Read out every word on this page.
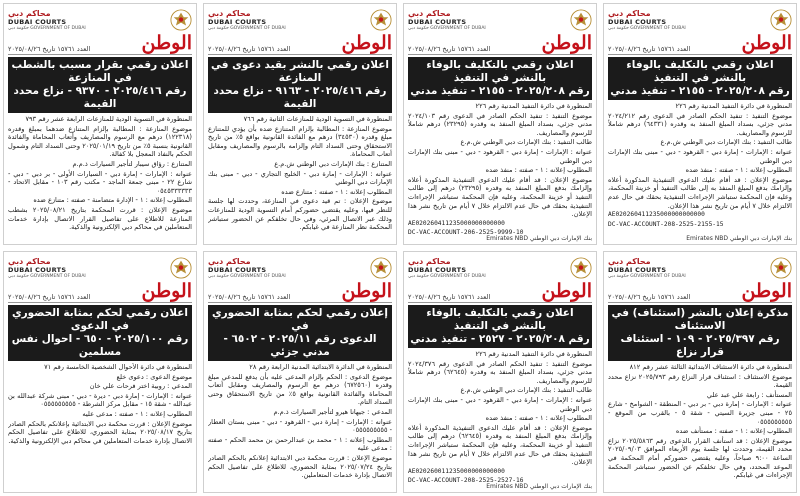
محاكم دبي
DUBAI COURTS
حكومة دبي GOVERNMENT OF DUBAI
العدد ١٥٧٦١ تاريخ ٢٠٢٥/٠٨/٢٦	الوطن
اعلان رقمي بقرار مسبب بالشطب في المنازعة
رقم ٢٠٢٥/٤١٦ - ٩٣٧٠ - نزاع محدد القيمة

المنظورة في التسوية الودية للمنازعات الرابعة عشر رقم ٧٩٣

موضوع المنازعة : المطالبة بإلزام المتنازع ضدهما بمبلغ وقدره (١٢٢٣١٨) درهم مع الرسوم والمصاريف وأتعاب المحاماة والفائدة القانونية بنسبة ٥٪ من تاريخ ٢٠٢٥/٠١/١٩ وحتى السداد التام وشمول الحكم بالنفاذ المعجل بلا كفالة.

المتنازع : رؤاق سيبار لتأجير السيارات ذ.م.م

عنوانه : الإمارات - إمارة دبي - السيارات الأولى - بر دبي - دبي - شارع ٢٢ - مبنى جمعة الماجد - مكتب رقم ١٠٣ - مقابل الاتحاد - ٠٥٤٥٣٣٣٣٣٣

المطلوب إعلانه : ١ - الإدارة متضامنة - صفته : متنازع ضده

موضوع الإعلان : قررت المحكمة بتاريخ ٢٠٢٥/٠٨/٢١ بشطب المنازعة للاطلاع على تفاصيل القرار الاتصال بإدارة خدمات المتعاملين في محاكم دبي الإلكترونية والذكية.

محاكم دبي
DUBAI COURTS
حكومة دبي GOVERNMENT OF DUBAI
العدد ١٥٧٦١ تاريخ ٢٠٢٥/٠٨/٢٦	الوطن
اعلان رقمي بالنشر بقيد دعوى في المنازعة
رقم ٢٠٢٥/٤١٦ - ٩١٦٣ - نزاع محدد القيمة

المنظورة في التسوية الودية للمنازعات الثانية رقم ٧٦٦

موضوع المنازعة : المطالبة بإلزام المتنازع ضده بأن يؤدي للمتنازع مبلغ وقدره (٣٤٥٣٠) درهم مع الفائدة القانونية بواقع ٥٪ من تاريخ الاستحقاق وحتى السداد التام وإلزامه بالرسوم والمصاريف ومقابل أتعاب المحاماة.

المتنازع : بنك الإمارات دبي الوطني ش.م.ع

عنوانه : الإمارات - إمارة دبي - الخليج التجاري - دبي - مبنى بنك الإمارات دبي الوطني

المطلوب إعلانه : ١ - صفته : متنازع ضده

موضوع الإعلان : تم قيد دعوى في المنازعة، وحددت لها جلسة للنظر فيها، وعليه يقتضي حضوركم أمام التسوية الودية للمنازعات وذلك عبر الاتصال المرئي، وفي حال تخلفكم عن الحضور ستباشر المحكمة نظر المنازعة في غيابكم.

محاكم دبي
DUBAI COURTS
حكومة دبي GOVERNMENT OF DUBAI
العدد ١٥٧٦١ تاريخ ٢٠٢٥/٠٨/٢٦	الوطن
اعلان رقمي بالتكليف بالوفاء بالنشر في التنفيذ
رقم ٢٠٢٥/٢٠٨ - ٢١٥٥ - تنفيذ مدني

المنظورة في دائرة التنفيذ المدنية رقم ٢٢٦

موضوع التنفيذ : تنفيذ الحكم الصادر في الدعوى رقم ٢٠٢٤/١٠٣ مدني جزئي، بسداد المبلغ المنفذ به وقدره (٢٣٢٩٥) درهم شاملاً للرسوم والمصاريف.

طالب التنفيذ : بنك الإمارات دبي الوطني ش.م.ع

عنوانه : الإمارات - إمارة دبي - القرهود - دبي - مبنى بنك الإمارات دبي الوطني

المطلوب إعلانه : ١ - صفته : منفذ ضده

موضوع الإعلان : قد أقام عليك الدعوى التنفيذية المذكورة أعلاه وإلزامك بدفع المبلغ المنفذ به وقدره (٢٣٢٩٥) درهم إلى طالب التنفيذ أو خزينة المحكمة، وعليه فإن المحكمة ستباشر الإجراءات التنفيذية بحقك في حال عدم الالتزام خلال ٧ أيام من تاريخ نشر هذا الإعلان.

AE020260411235000000000000

DC-VAC-ACCOUNT-206-2525-9999-10

بنك الإمارات دبي الوطني Emirates NBD
محاكم دبي
DUBAI COURTS
حكومة دبي GOVERNMENT OF DUBAI
العدد ١٥٧٦١ تاريخ ٢٠٢٥/٠٨/٢٦	الوطن
اعلان رقمي بالتكليف بالوفاء بالنشر في التنفيذ
رقم ٢٠٢٥/٢٠٨ - ٢١٥٥ - تنفيذ مدني

المنظورة في دائرة التنفيذ المدنية رقم ٢٢٦

موضوع التنفيذ : تنفيذ الحكم الصادر في الدعوى رقم ٢٠٢٤/٢١٢ مدني جزئي، بسداد المبلغ المنفذ به وقدره (٦٤٣٣١) درهم شاملاً للرسوم والمصاريف.

طالب التنفيذ : بنك الإمارات دبي الوطني ش.م.ع

عنوانه : الإمارات - إمارة دبي - القرهود - دبي - مبنى بنك الإمارات دبي الوطني

المطلوب إعلانه : ١ - صفته : منفذ ضده

موضوع الإعلان : قد أقام عليك الدعوى التنفيذية المذكورة أعلاه وإلزامك بدفع المبلغ المنفذ به إلى طالب التنفيذ أو خزينة المحكمة، وعليه فإن المحكمة ستباشر الإجراءات التنفيذية بحقك في حال عدم الالتزام خلال ٧ أيام من تاريخ نشر هذا الإعلان.

AE020260411235000000000000

DC-VAC-ACCOUNT-208-2525-2155-15

بنك الإمارات دبي الوطني Emirates NBD
محاكم دبي
DUBAI COURTS
حكومة دبي GOVERNMENT OF DUBAI
العدد ١٥٧٦١ تاريخ ٢٠٢٥/٠٨/٢٦	الوطن
اعلان رقمي لحكم بمثابة الحضوري في الدعوى
رقم ٢٠٢٥/١٠٠ - ٦٥٠ - احوال نفس مسلمين

المنظورة في دائرة الأحوال الشخصية الخامسة رقم ٧١

موضوع الدعوى : دعوى خلع

المدعي : روبية اختر فرحات علي خان

عنوانه : الإمارات - إمارة دبي - ديرة - دبي - مبنى شركة عبدالله بن عبدالله - شقة ١٥ - مقابل مركز الشرطة - ٠٥٥٥٥٥٥٥٥٥

المطلوب إعلانه : ١ - صفته : مدعى عليه

موضوع الإعلان : قررت محكمة دبي الابتدائية بإعلانكم بالحكم الصادر بتاريخ ٢٠٢٥/٠٨/١٧ بمثابة الحضوري، للاطلاع على تفاصيل الحكم الاتصال بإدارة خدمات المتعاملين في محاكم دبي الإلكترونية والذكية.

محاكم دبي
DUBAI COURTS
حكومة دبي GOVERNMENT OF DUBAI
العدد ١٥٧٦١ تاريخ ٢٠٢٥/٠٨/٢٦	الوطن
إعلان رقمي لحكم بمثابة الحضوري في
الدعوى رقم ٢٠٢٥/١١ - ٦٥٠٢ - مدني جزئي

المنظورة في الدائرة الابتدائية المدنية الرابعة رقم ٢٨

موضوع الدعوى : الحكم بإلزام المدعى عليه بأن يدفع للمدعي مبلغ وقدره (٦٧٢٥٦٠) درهم مع الرسوم والمصاريف ومقابل أتعاب المحاماة والفائدة القانونية بواقع ٥٪ من تاريخ الاستحقاق وحتى السداد التام.

المدعي : جيهانا هيرو لتأجير السيارات ذ.م.م

عنوانه : الإمارات - إمارة دبي - القرهود - دبي - مبنى بستان العطار - ٠٥٥٥٥٥٥٥٥٥

المطلوب إعلانه : ١ - محمد بن عبدالرحمن بن محمد الحكم - صفته : مدعى عليه

موضوع الإعلان : قررت محكمة دبي الابتدائية إعلانكم بالحكم الصادر بتاريخ ٢٠٢٥/٠٧/٢٤ بمثابة الحضوري، للاطلاع على تفاصيل الحكم الاتصال بإدارة خدمات المتعاملين.

محاكم دبي
DUBAI COURTS
حكومة دبي GOVERNMENT OF DUBAI
العدد ١٥٧٦١ تاريخ ٢٠٢٥/٠٨/٢٦	الوطن
اعلان رقمي بالتكليف بالوفاء بالنشر في التنفيذ
رقم ٢٠٢٥/٢٠٨ - ٢٥٢٧ - تنفيذ مدني

المنظورة في دائرة التنفيذ المدنية رقم ٢٢٦

موضوع التنفيذ : تنفيذ الحكم الصادر في الدعوى رقم ٢٠٢٤/٣٧٦ مدني جزئي، بسداد المبلغ المنفذ به وقدره (٦٢٦٤٥) درهم شاملاً للرسوم والمصاريف.

طالب التنفيذ : بنك الإمارات دبي الوطني ش.م.ع

عنوانه : الإمارات - إمارة دبي - القرهود - دبي - مبنى بنك الإمارات دبي الوطني

المطلوب إعلانه : ١ - صفته : منفذ ضده

موضوع الإعلان : قد أقام عليك الدعوى التنفيذية المذكورة أعلاه وإلزامك بدفع المبلغ المنفذ به وقدره (٦٢٦٤٥) درهم إلى طالب التنفيذ أو خزينة المحكمة، وعليه فإن المحكمة ستباشر الإجراءات التنفيذية بحقك في حال عدم الالتزام خلال ٧ أيام من تاريخ نشر هذا الإعلان.

AE020260011235000000000000

DC-VAC-ACCOUNT-208-2525-2527-16

بنك الإمارات دبي الوطني Emirates NBD
محاكم دبي
DUBAI COURTS
حكومة دبي GOVERNMENT OF DUBAI
العدد ١٥٧٦١ تاريخ ٢٠٢٥/٠٨/٢٦	الوطن
مذكرة إعلان بالنشر (استئناف) في الاستئناف
رقم ٢٠٢٥/٣٩٧ - ١٠٩ - استئناف قرار نزاع

المنظورة في دائرة الاستئناف الابتدائية الثالثة عشر رقم ٨١٢

موضوع الاستئناف : استئناف قرار النزاع رقم ٢٠٢٥/٧٩٣ نزاع محدد القيمة.

المستأنف : رابعة علي عبد علي

عنوانه : الإمارات - إمارة دبي - بر دبي - المنطقة - الشوامخ - شارع ٢٥ - مبنى جزيرة السيتي - شقة ٥ - بالقرب من الموقع - ٠٥٥٥٥٥٥٥٥٥

المطلوب إعلانه : ١ - صفته : مستأنف ضده

موضوع الإعلان : قد استأنف القرار بالدعوى رقم ٢٠٢٥/٥٨٦٣ نزاع محدد القيمة، وحددت لها جلسة يوم الأربعاء الموافق ٢٠٢٥/٠٩/٠٣ الساعة ٩:٠٠ صباحاً، وعليه يقتضي حضوركم أمام المحكمة في الموعد المحدد، وفي حال تخلفكم عن الحضور ستباشر المحكمة الإجراءات في غيابكم.
